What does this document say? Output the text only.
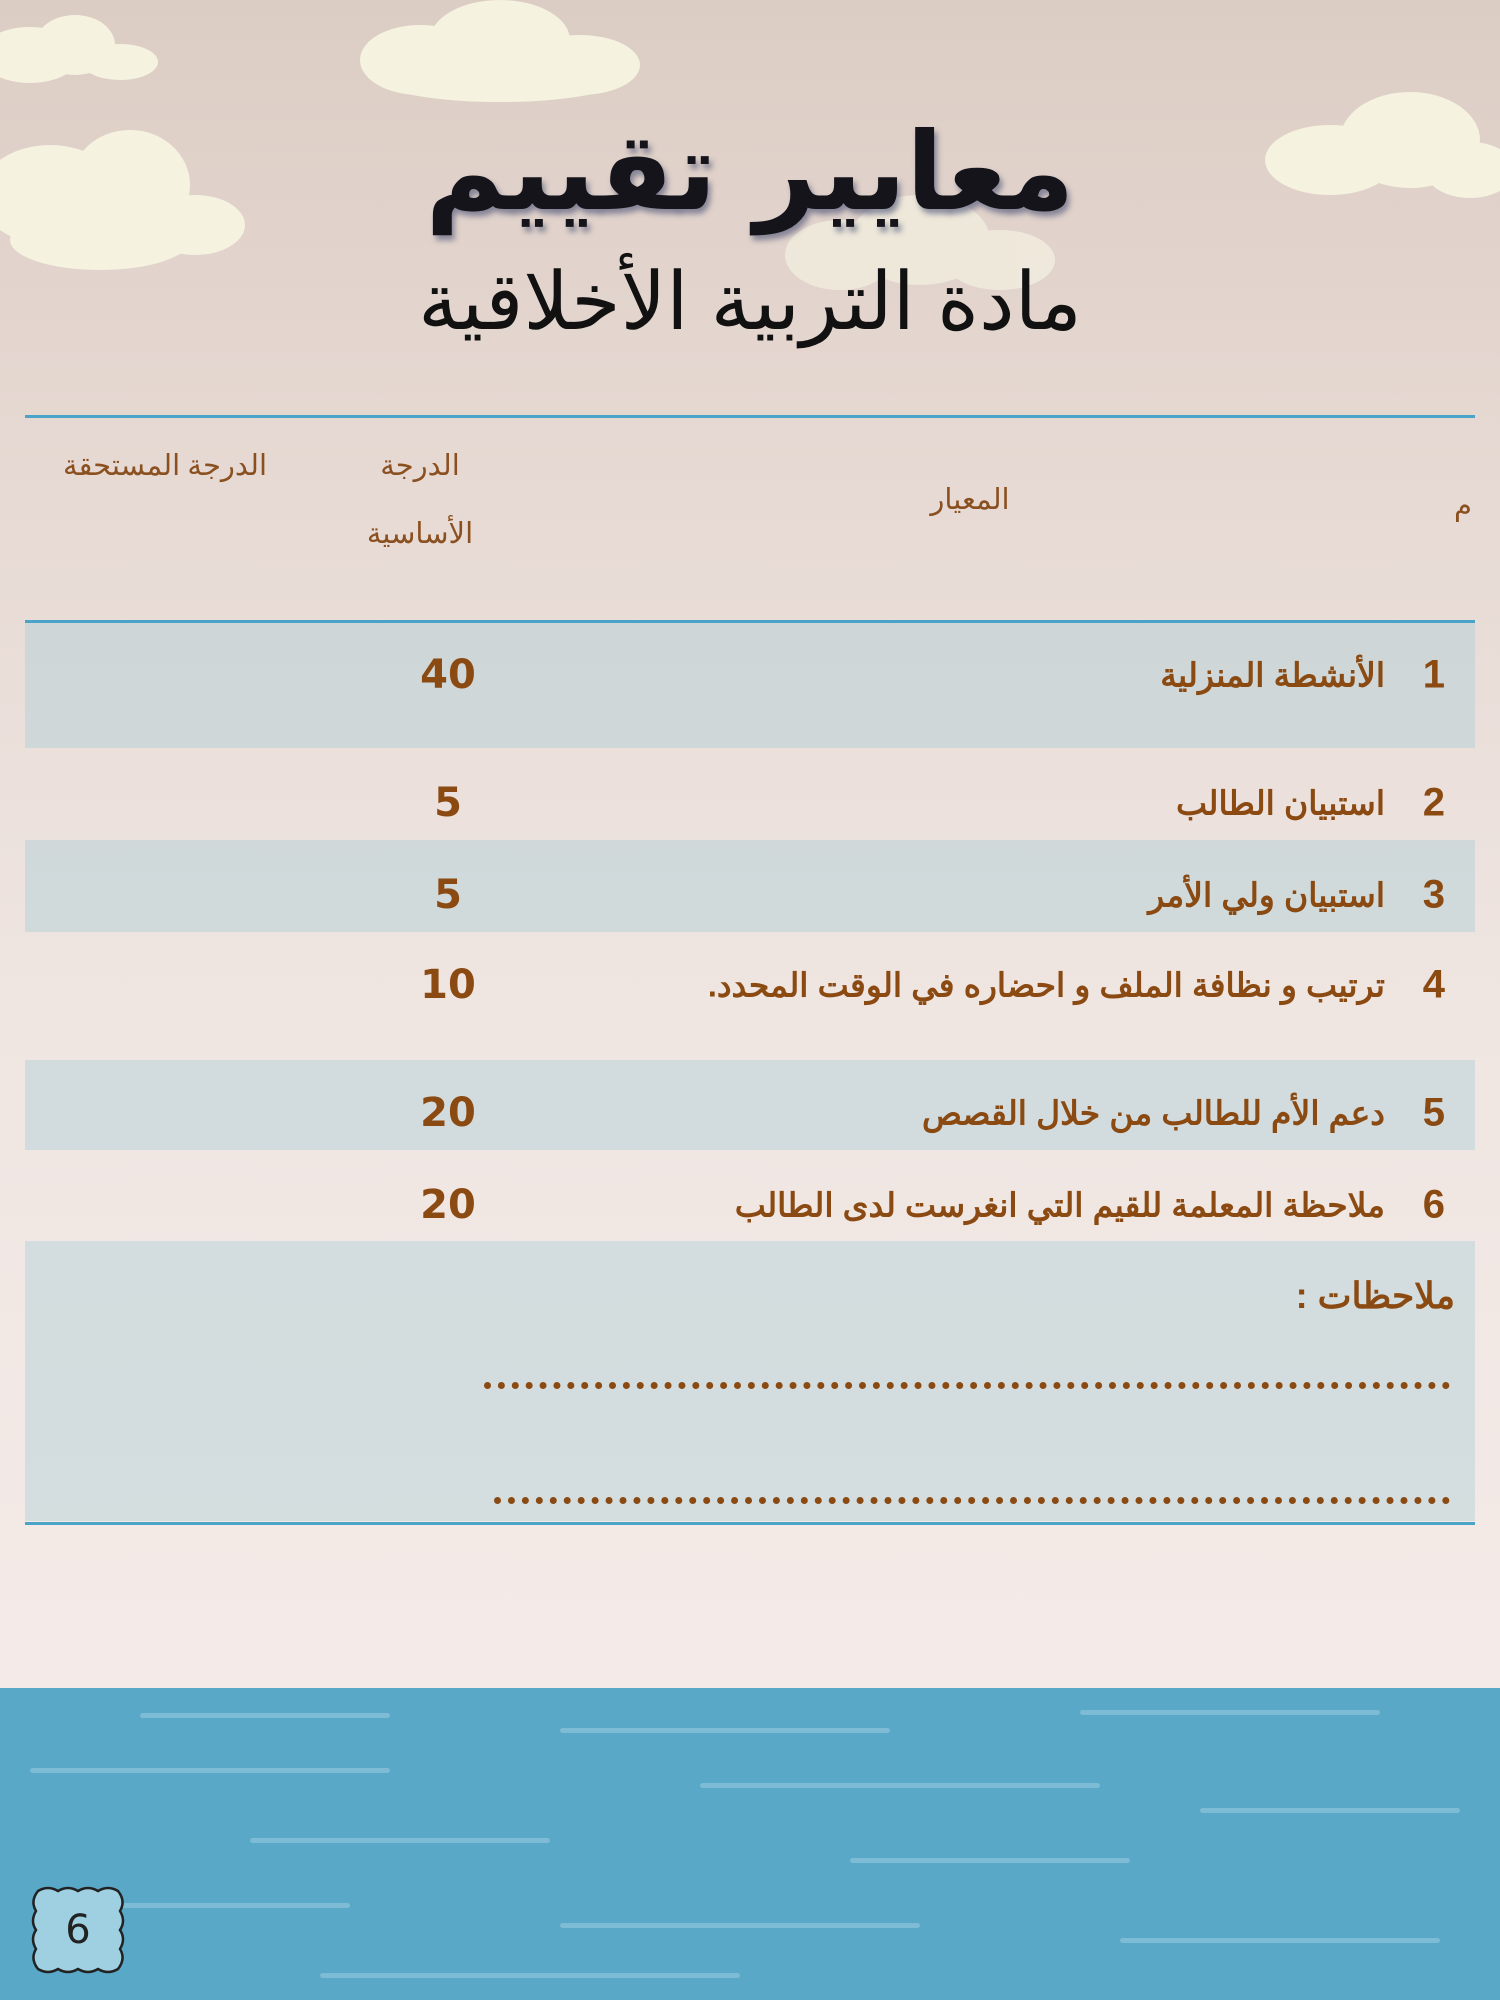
معايير تقييم
مادة التربية الأخلاقية
م
المعيار
الدرجة
الأساسية
الدرجة المستحقة
1
الأنشطة المنزلية
40
2
استبيان الطالب
5
3
استبيان ولي الأمر
5
4
ترتيب و نظافة الملف و احضاره في الوقت المحدد.
10
5
دعم الأم للطالب من خلال القصص
20
6
ملاحظة المعلمة للقيم التي انغرست لدى الطالب
20
ملاحظات :
6
